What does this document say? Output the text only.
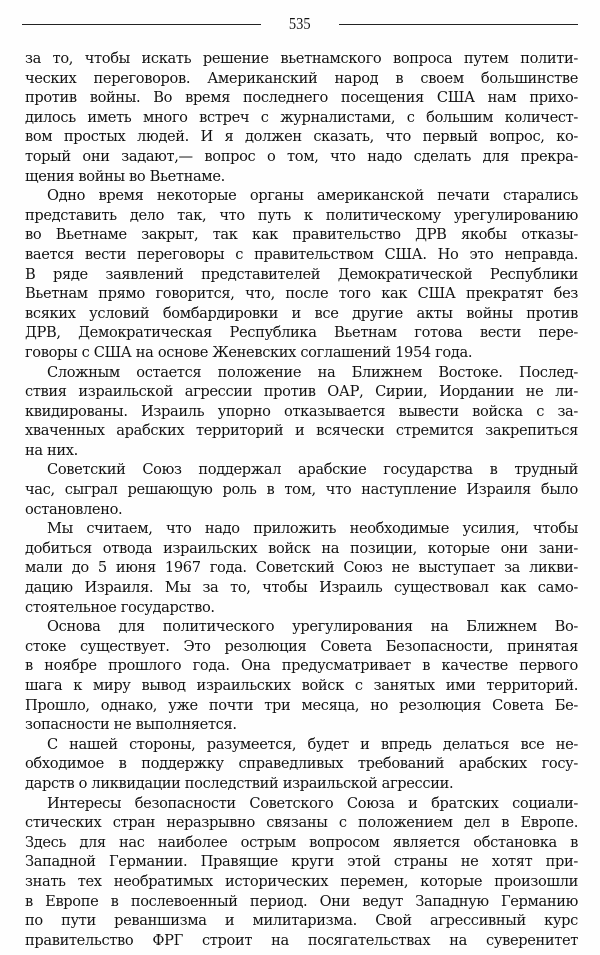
535
за то, чтобы искать решение вьетнамского вопроса путем полити-
ческих переговоров. Американский народ в своем большинстве
против войны. Во время последнего посещения США нам прихо-
дилось иметь много встреч с журналистами, с большим количест-
вом простых людей. И я должен сказать, что первый вопрос, ко-
торый они задают,— вопрос о том, что надо сделать для прекра-
щения войны во Вьетнаме.
Одно время некоторые органы американской печати старались
представить дело так, что путь к политическому урегулированию
во Вьетнаме закрыт, так как правительство ДРВ якобы отказы-
вается вести переговоры с правительством США. Но это неправда.
В ряде заявлений представителей Демократической Республики
Вьетнам прямо говорится, что, после того как США прекратят без
всяких условий бомбардировки и все другие акты войны против
ДРВ, Демократическая Республика Вьетнам готова вести пере-
говоры с США на основе Женевских соглашений 1954 года.
Сложным остается положение на Ближнем Востоке. Послед-
ствия израильской агрессии против ОАР, Сирии, Иордании не ли-
квидированы. Израиль упорно отказывается вывести войска с за-
хваченных арабских территорий и всячески стремится закрепиться
на них.
Советский Союз поддержал арабские государства в трудный
час, сыграл решающую роль в том, что наступление Израиля было
остановлено.
Мы считаем, что надо приложить необходимые усилия, чтобы
добиться отвода израильских войск на позиции, которые они зани-
мали до 5 июня 1967 года. Советский Союз не выступает за ликви-
дацию Израиля. Мы за то, чтобы Израиль существовал как само-
стоятельное государство.
Основа для политического урегулирования на Ближнем Во-
стоке существует. Это резолюция Совета Безопасности, принятая
в ноябре прошлого года. Она предусматривает в качестве первого
шага к миру вывод израильских войск с занятых ими территорий.
Прошло, однако, уже почти три месяца, но резолюция Совета Бе-
зопасности не выполняется.
С нашей стороны, разумеется, будет и впредь делаться все не-
обходимое в поддержку справедливых требований арабских госу-
дарств о ликвидации последствий израильской агрессии.
Интересы безопасности Советского Союза и братских социали-
стических стран неразрывно связаны с положением дел в Европе.
Здесь для нас наиболее острым вопросом является обстановка в
Западной Германии. Правящие круги этой страны не хотят при-
знать тех необратимых исторических перемен, которые произошли
в Европе в послевоенный период. Они ведут Западную Германию
по пути реваншизма и милитаризма. Свой агрессивный курс
правительство ФРГ строит на посягательствах на суверенитет
